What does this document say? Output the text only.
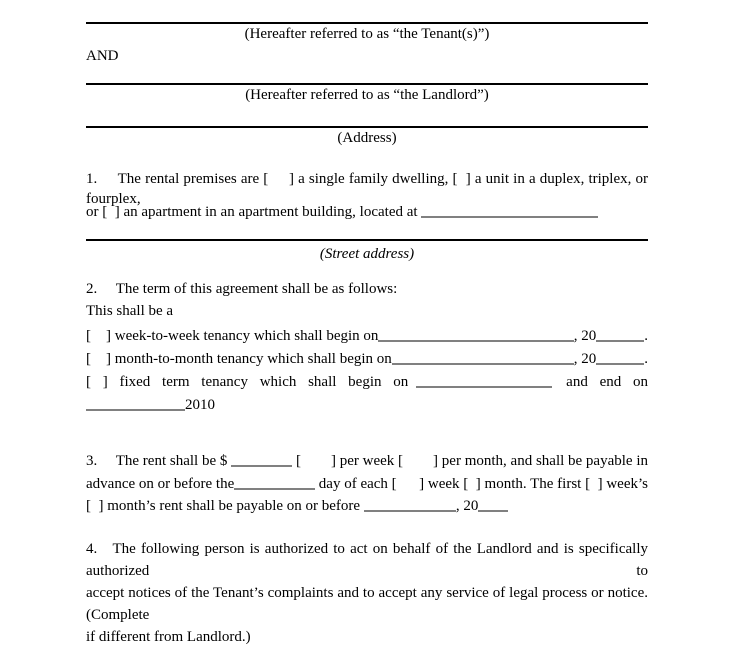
(Hereafter referred to as “the Tenant(s)”)
AND
(Hereafter referred to as “the Landlord”)
(Address)
1.     The rental premises are [     ] a single family dwelling, [  ] a unit in a duplex, triplex, or fourplex,
or [  ] an apartment in an apartment building, located at
(Street address)
2.     The term of this agreement shall be as follows:
This shall be a
[    ] week-to-week tenancy which shall begin on	, 20	.
[    ] month-to-month tenancy which shall begin on	, 20	.
[ ] fixed term tenancy which shall begin on	and end on
2010
3.     The rent shall be $	[        ] per week [        ] per month, and shall be payable in
advance on or before the	day of each [      ] week [  ] month. The first [  ] week’s
[  ] month’s rent shall be payable on or before	, 20
4.   The following person is authorized to act on behalf of the Landlord and is specifically authorized to
accept notices of the Tenant’s complaints and to accept any service of legal process or notice. (Complete
if different from Landlord.)
